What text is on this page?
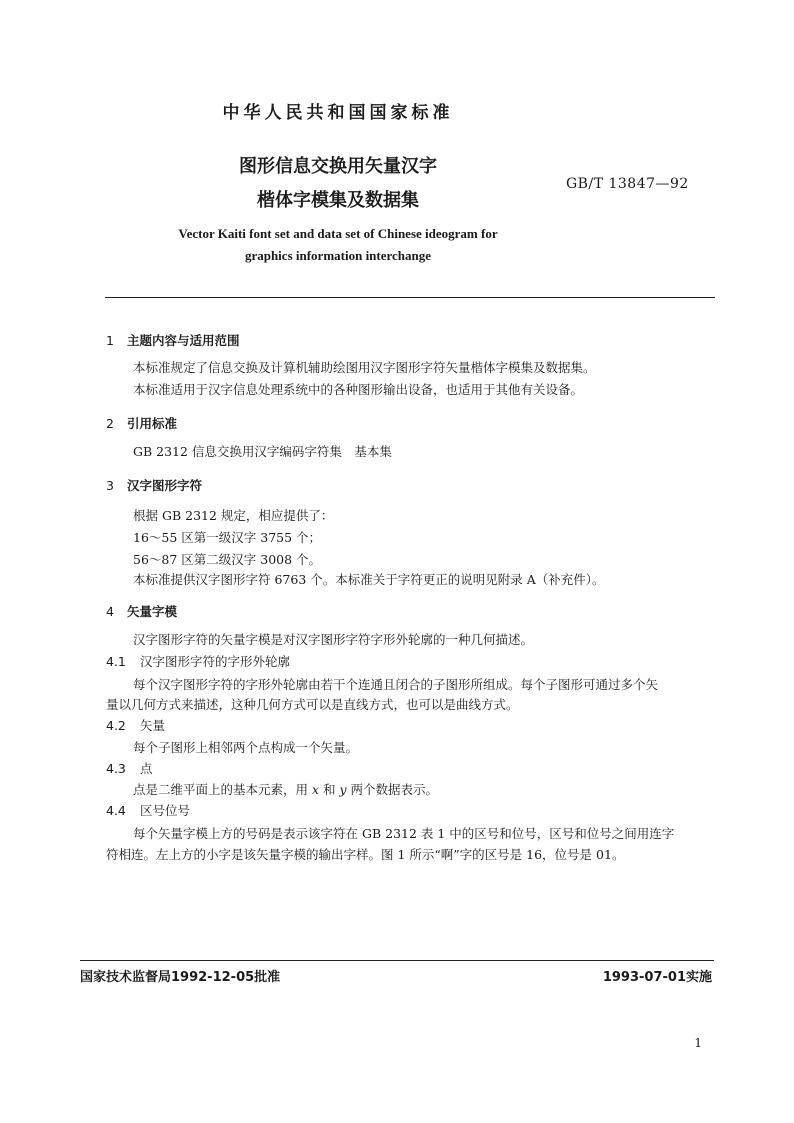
中华人民共和国国家标准
图形信息交换用矢量汉字
楷体字模集及数据集
GB/T 13847—92
Vector Kaiti font set and data set of Chinese ideogram for
graphics information interchange
1 主题内容与适用范围
本标准规定了信息交换及计算机辅助绘图用汉字图形字符矢量楷体字模集及数据集。
本标准适用于汉字信息处理系统中的各种图形输出设备，也适用于其他有关设备。
2 引用标准
GB 2312 信息交换用汉字编码字符集　基本集
3 汉字图形字符
根据 GB 2312 规定，相应提供了：
16～55 区第一级汉字 3755 个；
56～87 区第二级汉字 3008 个。
本标准提供汉字图形字符 6763 个。本标准关于字符更正的说明见附录 A（补充件）。
4 矢量字模
汉字图形字符的矢量字模是对汉字图形字符字形外轮廓的一种几何描述。
4.1 汉字图形字符的字形外轮廓
每个汉字图形字符的字形外轮廓由若干个连通且闭合的子图形所组成。每个子图形可通过多个矢
量以几何方式来描述，这种几何方式可以是直线方式，也可以是曲线方式。
4.2 矢量
每个子图形上相邻两个点构成一个矢量。
4.3 点
点是二维平面上的基本元素，用 x 和 y 两个数据表示。
4.4 区号位号
每个矢量字模上方的号码是表示该字符在 GB 2312 表 1 中的区号和位号，区号和位号之间用连字
符相连。左上方的小字是该矢量字模的输出字样。图 1 所示“啊”字的区号是 16，位号是 01。
国家技术监督局1992-12-05批准	1993-07-01实施
1
